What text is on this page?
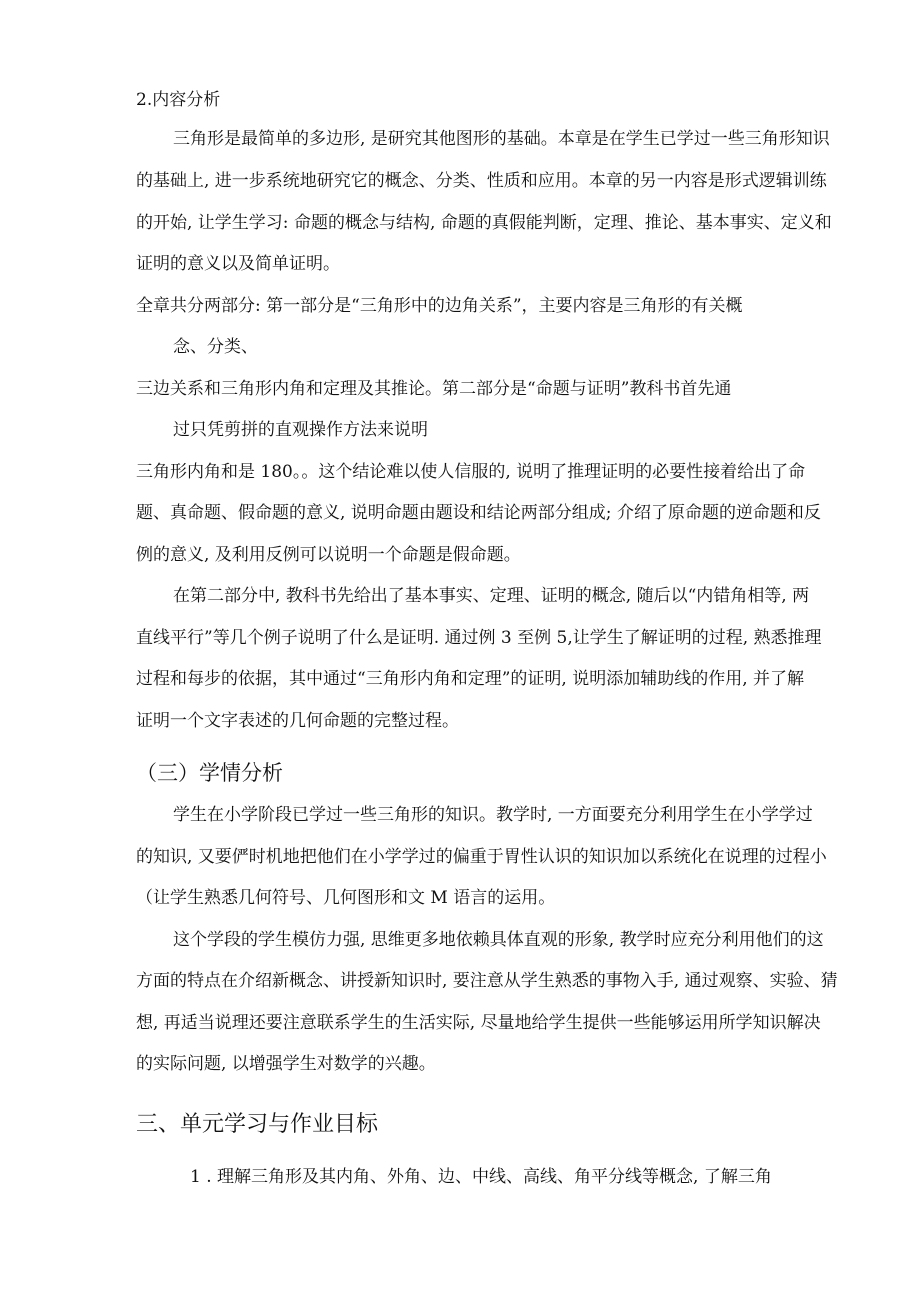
2.内容分析

三角形是最简单的多边形, 是研究其他图形的基础。本章是在学生已学过一些三角形知识

的基础上, 进一步系统地研究它的概念、分类、性质和应用。本章的另一内容是形式逻辑训练

的开始, 让学生学习: 命题的概念与结构, 命题的真假能判断，定理、推论、基本事实、定义和

证明的意义以及简单证明。

全章共分两部分: 第一部分是“三角形中的边角关系”，主要内容是三角形的有关概

念、分类、

三边关系和三角形内角和定理及其推论。第二部分是“命题与证明”教科书首先通

过只凭剪拼的直观操作方法来说明

三角形内角和是 180。。这个结论难以使人信服的, 说明了推理证明的必要性接着给出了命

题、真命题、假命题的意义, 说明命题由题设和结论两部分组成; 介绍了原命题的逆命题和反

例的意义, 及利用反例可以说明一个命题是假命题。

在第二部分中, 教科书先给出了基本事实、定理、证明的概念, 随后以“内错角相等, 两

直线平行”等几个例子说明了什么是证明. 通过例 3 至例 5,让学生了解证明的过程, 熟悉推理

过程和每步的依据，其中通过“三角形内角和定理”的证明, 说明添加辅助线的作用, 并了解

证明一个文字表述的几何命题的完整过程。

（三）学情分析

学生在小学阶段已学过一些三角形的知识。教学时, 一方面要充分利用学生在小学学过

的知识, 又要俨时机地把他们在小学学过的偏重于胃性认识的知识加以系统化在说理的过程小

（让学生熟悉几何符号、几何图形和文 M 语言的运用。

这个学段的学生模仿力强, 思维更多地依赖具体直观的形象, 教学时应充分利用他们的这

方面的特点在介绍新概念、讲授新知识时, 要注意从学生熟悉的事物入手, 通过观察、实验、猜

想, 再适当说理还要注意联系学生的生活实际, 尽量地给学生提供一些能够运用所学知识解决

的实际问题, 以增强学生对数学的兴趣。

三、单元学习与作业目标

1 . 理解三角形及其内角、外角、边、中线、高线、角平分线等概念, 了解三角
